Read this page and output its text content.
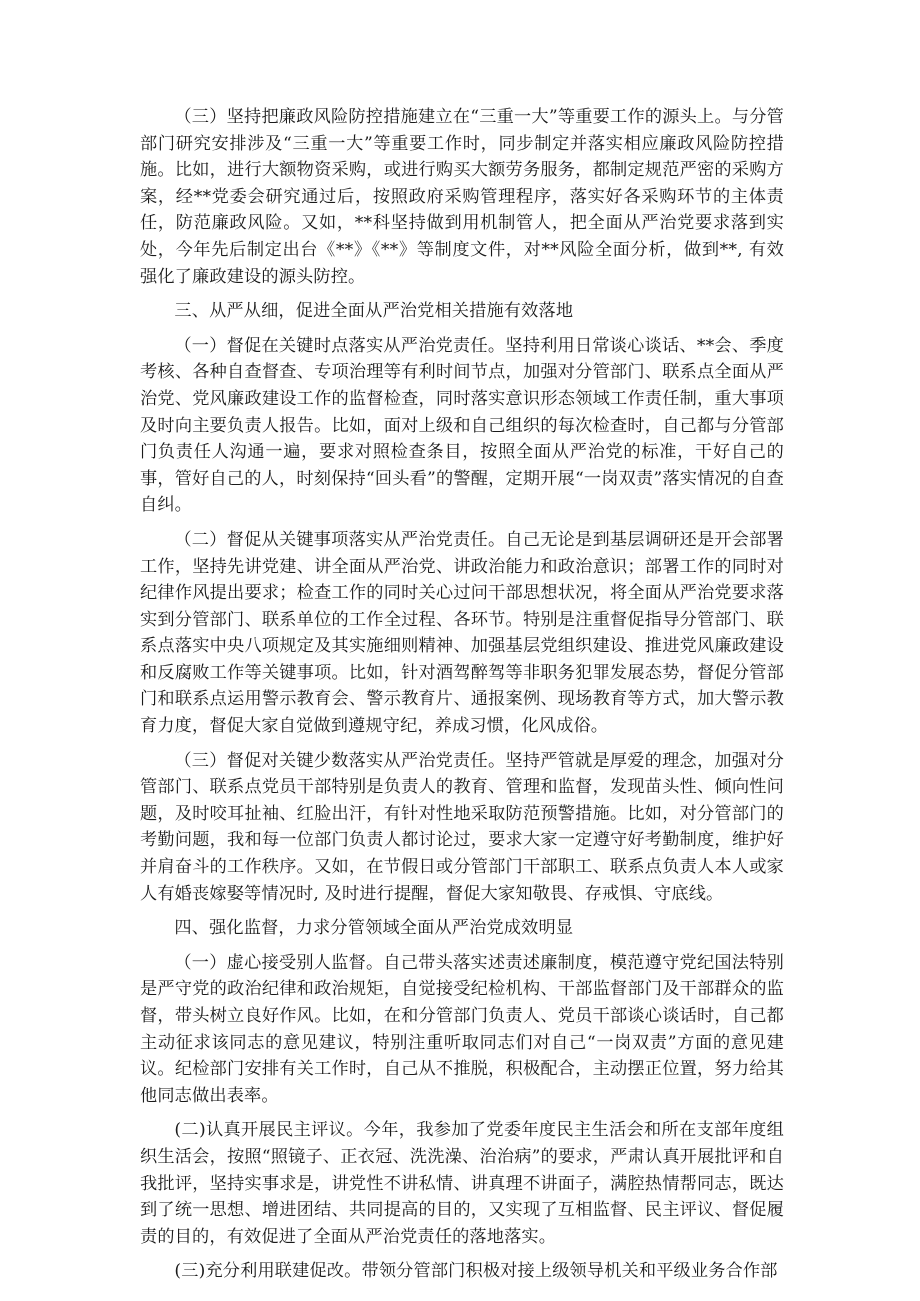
（三）坚持把廉政风险防控措施建立在“三重一大”等重要工作的源头上。与分管部门研究安排涉及“三重一大”等重要工作时，同步制定并落实相应廉政风险防控措施。比如，进行大额物资采购，或进行购买大额劳务服务，都制定规范严密的采购方案，经**党委会研究通过后，按照政府采购管理程序，落实好各采购环节的主体责任，防范廉政风险。又如，**科坚持做到用机制管人，把全面从严治党要求落到实处，今年先后制定出台《**》《**》等制度文件，对**风险全面分析，做到**, 有效强化了廉政建设的源头防控。

三、从严从细，促进全面从严治党相关措施有效落地

（一）督促在关键时点落实从严治党责任。坚持利用日常谈心谈话、**会、季度考核、各种自查督查、专项治理等有利时间节点，加强对分管部门、联系点全面从严治党、党风廉政建设工作的监督检查，同时落实意识形态领域工作责任制，重大事项及时向主要负责人报告。比如，面对上级和自己组织的每次检查时，自己都与分管部门负责任人沟通一遍，要求对照检查条目，按照全面从严治党的标准，干好自己的事，管好自己的人，时刻保持“回头看”的警醒，定期开展“一岗双责”落实情况的自查自纠。

（二）督促从关键事项落实从严治党责任。自己无论是到基层调研还是开会部署工作，坚持先讲党建、讲全面从严治党、讲政治能力和政治意识；部署工作的同时对纪律作风提出要求；检查工作的同时关心过问干部思想状况，将全面从严治党要求落实到分管部门、联系单位的工作全过程、各环节。特别是注重督促指导分管部门、联系点落实中央八项规定及其实施细则精神、加强基层党组织建设、推进党风廉政建设和反腐败工作等关键事项。比如，针对酒驾醉驾等非职务犯罪发展态势，督促分管部门和联系点运用警示教育会、警示教育片、通报案例、现场教育等方式，加大警示教育力度，督促大家自觉做到遵规守纪，养成习惯，化风成俗。

（三）督促对关键少数落实从严治党责任。坚持严管就是厚爱的理念，加强对分管部门、联系点党员干部特别是负责人的教育、管理和监督，发现苗头性、倾向性问题，及时咬耳扯袖、红脸出汗，有针对性地采取防范预警措施。比如，对分管部门的考勤问题，我和每一位部门负责人都讨论过，要求大家一定遵守好考勤制度，维护好并肩奋斗的工作秩序。又如，在节假日或分管部门干部职工、联系点负责人本人或家人有婚丧嫁娶等情况时, 及时进行提醒，督促大家知敬畏、存戒惧、守底线。

四、强化监督，力求分管领域全面从严治党成效明显

（一）虚心接受别人监督。自己带头落实述责述廉制度，模范遵守党纪国法特别是严守党的政治纪律和政治规矩，自觉接受纪检机构、干部监督部门及干部群众的监督，带头树立良好作风。比如，在和分管部门负责人、党员干部谈心谈话时，自己都主动征求该同志的意见建议，特别注重听取同志们对自己“一岗双责”方面的意见建议。纪检部门安排有关工作时，自己从不推脱，积极配合，主动摆正位置，努力给其他同志做出表率。

(二)认真开展民主评议。今年，我参加了党委年度民主生活会和所在支部年度组织生活会，按照“照镜子、正衣冠、洗洗澡、治治病”的要求，严肃认真开展批评和自我批评，坚持实事求是，讲党性不讲私情、讲真理不讲面子，满腔热情帮同志，既达到了统一思想、增进团结、共同提高的目的，又实现了互相监督、民主评议、督促履责的目的，有效促进了全面从严治党责任的落地落实。

(三)充分利用联建促改。带领分管部门积极对接上级领导机关和平级业务合作部
